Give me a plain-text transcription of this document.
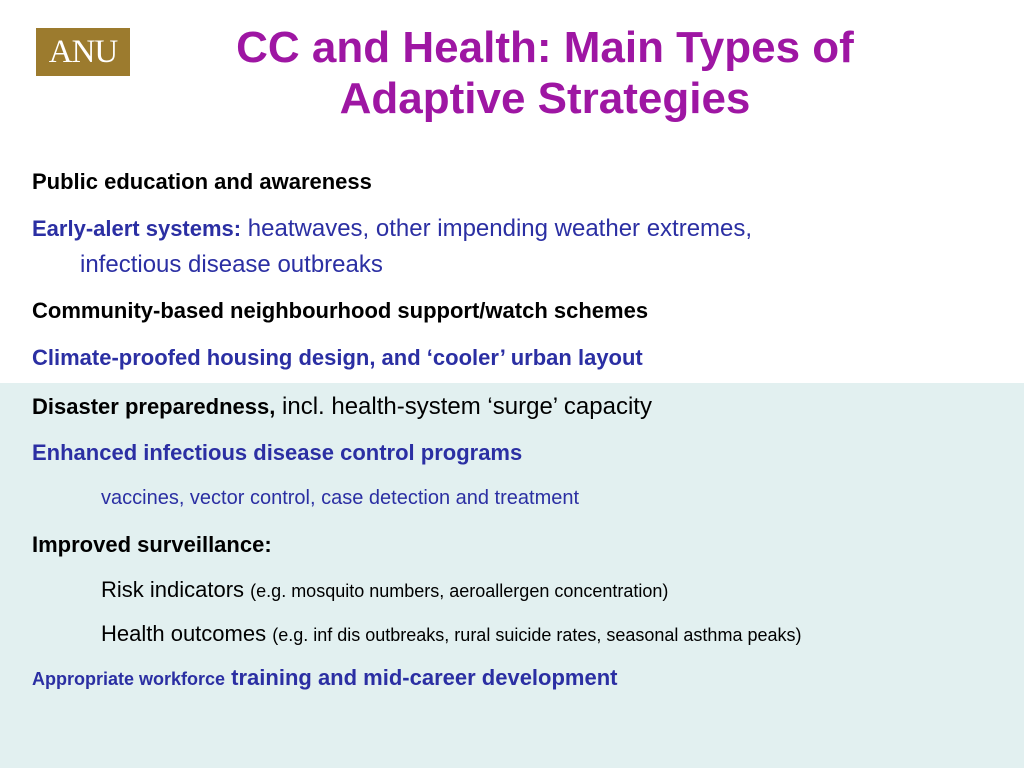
ANU	CC and Health: Main Types of
Adaptive Strategies
Public education and awareness
Early-alert systems: heatwaves, other impending weather extremes,
infectious disease outbreaks
Community-based neighbourhood support/watch schemes
Climate-proofed housing design, and ‘cooler’ urban layout
Disaster preparedness, incl. health-system ‘surge’ capacity
Enhanced infectious disease control programs
vaccines, vector control, case detection and treatment
Improved surveillance:
Risk indicators (e.g. mosquito numbers, aeroallergen concentration)
Health outcomes (e.g. inf dis outbreaks, rural suicide rates, seasonal asthma peaks)
Appropriate workforce training and mid-career development
